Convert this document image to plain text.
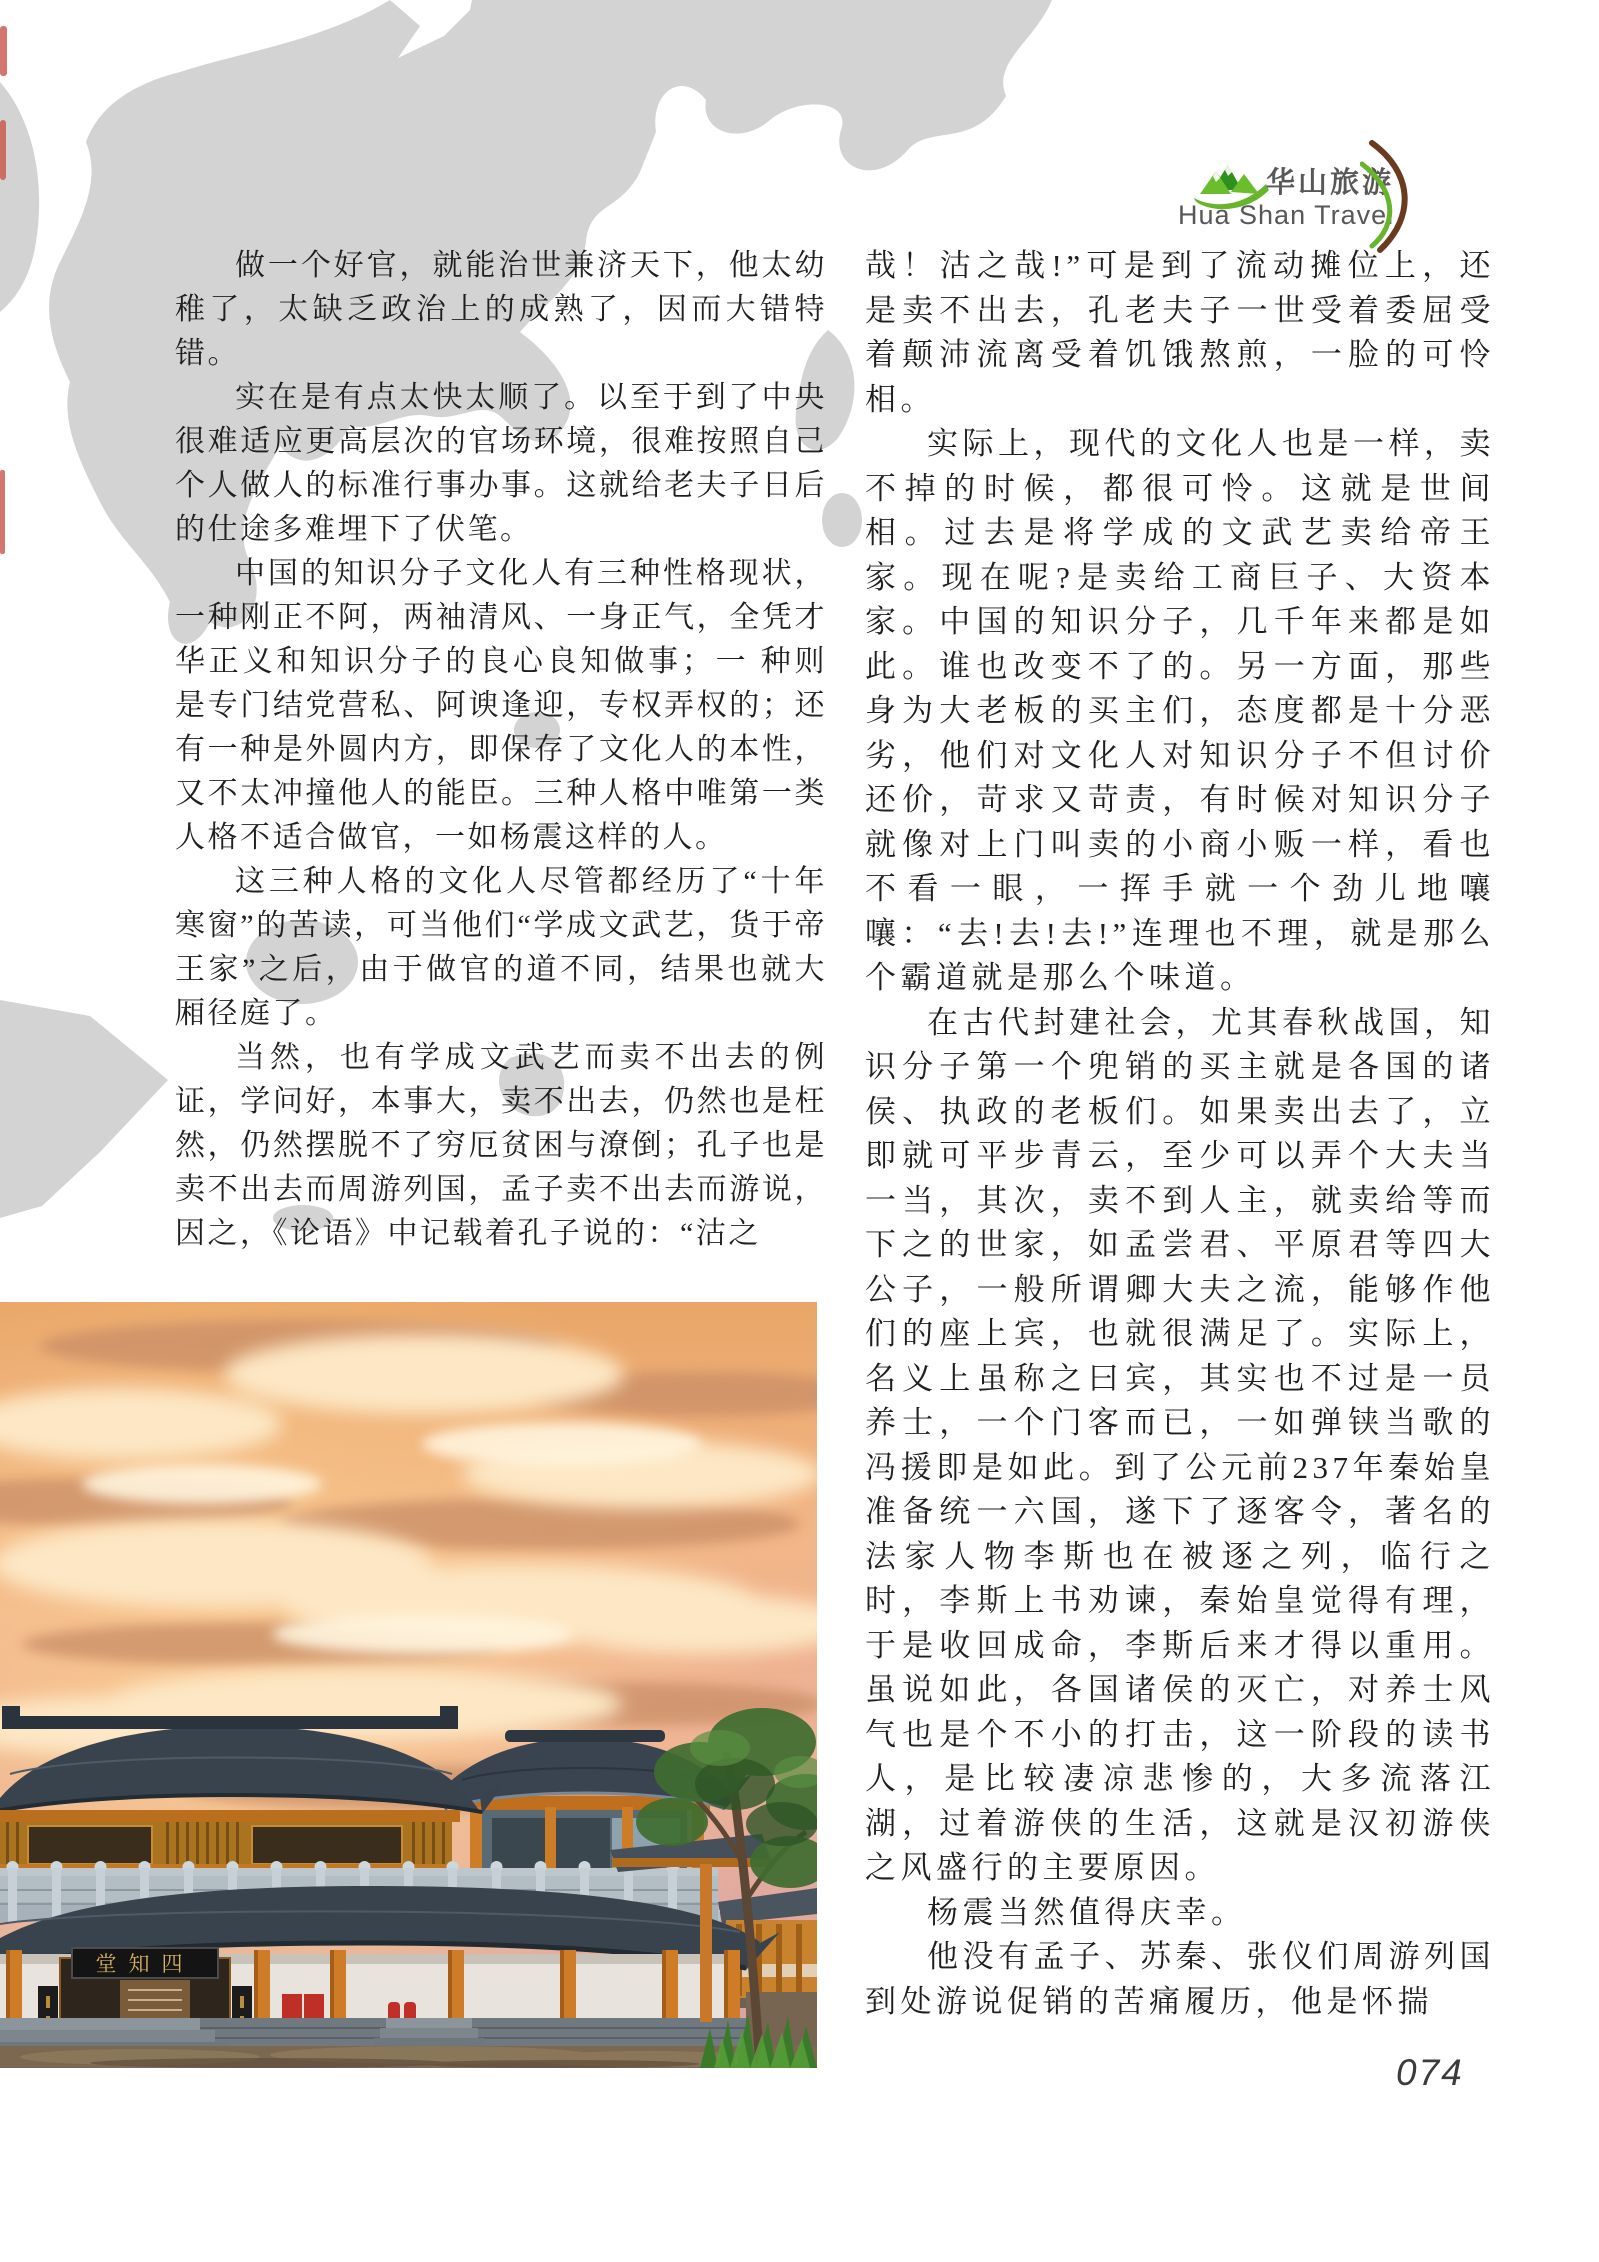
华山旅游
Hua Shan Travel

做一个好官，就能治世兼济天下，他太幼稚了，太缺乏政治上的成熟了，因而大错特错。

实在是有点太快太顺了。以至于到了中央很难适应更高层次的官场环境，很难按照自己个人做人的标准行事办事。这就给老夫子日后的仕途多难埋下了伏笔。

中国的知识分子文化人有三种性格现状，一种刚正不阿，两袖清风、一身正气，全凭才华正义和知识分子的良心良知做事；一 种则是专门结党营私、阿谀逢迎，专权弄权的；还有一种是外圆内方，即保存了文化人的本性，又不太冲撞他人的能臣。三种人格中唯第一类人格不适合做官，一如杨震这样的人。

这三种人格的文化人尽管都经历了“十年寒窗”的苦读，可当他们“学成文武艺，货于帝王家”之后，由于做官的道不同，结果也就大厢径庭了。

当然，也有学成文武艺而卖不出去的例证，学问好，本事大，卖不出去，仍然也是枉然，仍然摆脱不了穷厄贫困与潦倒；孔子也是卖不出去而周游列国，孟子卖不出去而游说，因之，《论语》中记载着孔子说的：“沽之

哉！沽之哉!”可是到了流动摊位上，还是卖不出去，孔老夫子一世受着委屈受着颠沛流离受着饥饿熬煎，一脸的可怜相。

实际上，现代的文化人也是一样，卖不掉的时候，都很可怜。这就是世间相。过去是将学成的文武艺卖给帝王家。现在呢?是卖给工商巨子、大资本家。中国的知识分子，几千年来都是如此。谁也改变不了的。另一方面，那些身为大老板的买主们，态度都是十分恶劣，他们对文化人对知识分子不但讨价还价，苛求又苛责，有时候对知识分子就像对上门叫卖的小商小贩一样，看也不看一眼，一挥手就一个劲儿地嚷嚷：“去!去!去!”连理也不理，就是那么个霸道就是那么个味道。

在古代封建社会，尤其春秋战国，知识分子第一个兜销的买主就是各国的诸侯、执政的老板们。如果卖出去了，立即就可平步青云，至少可以弄个大夫当一当，其次，卖不到人主，就卖给等而下之的世家，如孟尝君、平原君等四大公子，一般所谓卿大夫之流，能够作他们的座上宾，也就很满足了。实际上，名义上虽称之曰宾，其实也不过是一员养士，一个门客而已，一如弹铗当歌的冯援即是如此。到了公元前237年秦始皇准备统一六国，遂下了逐客令，著名的法家人物李斯也在被逐之列，临行之时，李斯上书劝谏，秦始皇觉得有理，于是收回成命，李斯后来才得以重用。虽说如此，各国诸侯的灭亡，对养士风气也是个不小的打击，这一阶段的读书人，是比较凄凉悲惨的，大多流落江湖，过着游侠的生活，这就是汉初游侠之风盛行的主要原因。

杨震当然值得庆幸。

他没有孟子、苏秦、张仪们周游列国到处游说促销的苦痛履历，他是怀揣

堂知四
074
